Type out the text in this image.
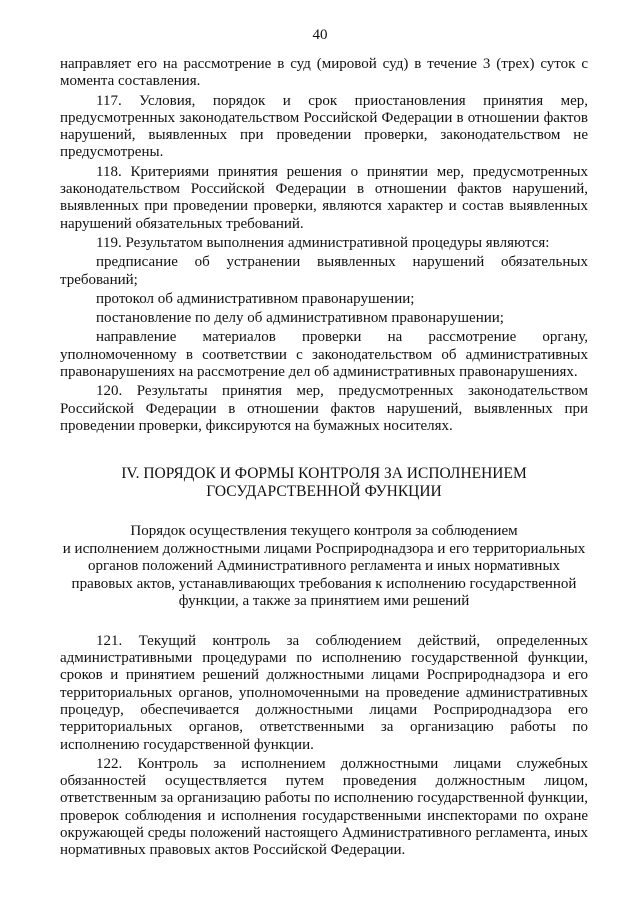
40

направляет его на рассмотрение в суд (мировой суд) в течение 3 (трех) суток с момента составления.

117. Условия, порядок и срок приостановления принятия мер, предусмотренных законодательством Российской Федерации в отношении фактов нарушений, выявленных при проведении проверки, законодательством не предусмотрены.

118. Критериями принятия решения о принятии мер, предусмотренных законодательством Российской Федерации в отношении фактов нарушений, выявленных при проведении проверки, являются характер и состав выявленных нарушений обязательных требований.

119. Результатом выполнения административной процедуры являются:

предписание об устранении выявленных нарушений обязательных требований;

протокол об административном правонарушении;

постановление по делу об административном правонарушении;

направление материалов проверки на рассмотрение органу, уполномоченному в соответствии с законодательством об административных правонарушениях на рассмотрение дел об административных правонарушениях.

120. Результаты принятия мер, предусмотренных законодательством Российской Федерации в отношении фактов нарушений, выявленных при проведении проверки, фиксируются на бумажных носителях.

IV. ПОРЯДОК И ФОРМЫ КОНТРОЛЯ ЗА ИСПОЛНЕНИЕМ
ГОСУДАРСТВЕННОЙ ФУНКЦИИ
Порядок осуществления текущего контроля за соблюдением
и исполнением должностными лицами Росприроднадзора и его территориальных
органов положений Административного регламента и иных нормативных
правовых актов, устанавливающих требования к исполнению государственной
функции, а также за принятием ими решений

121. Текущий контроль за соблюдением действий, определенных административными процедурами по исполнению государственной функции, сроков и принятием решений должностными лицами Росприроднадзора и его территориальных органов, уполномоченными на проведение административных процедур, обеспечивается должностными лицами Росприроднадзора его территориальных органов, ответственными за организацию работы по исполнению государственной функции.

122. Контроль за исполнением должностными лицами служебных обязанностей осуществляется путем проведения должностным лицом, ответственным за организацию работы по исполнению государственной функции, проверок соблюдения и исполнения государственными инспекторами по охране окружающей среды положений настоящего Административного регламента, иных нормативных правовых актов Российской Федерации.
